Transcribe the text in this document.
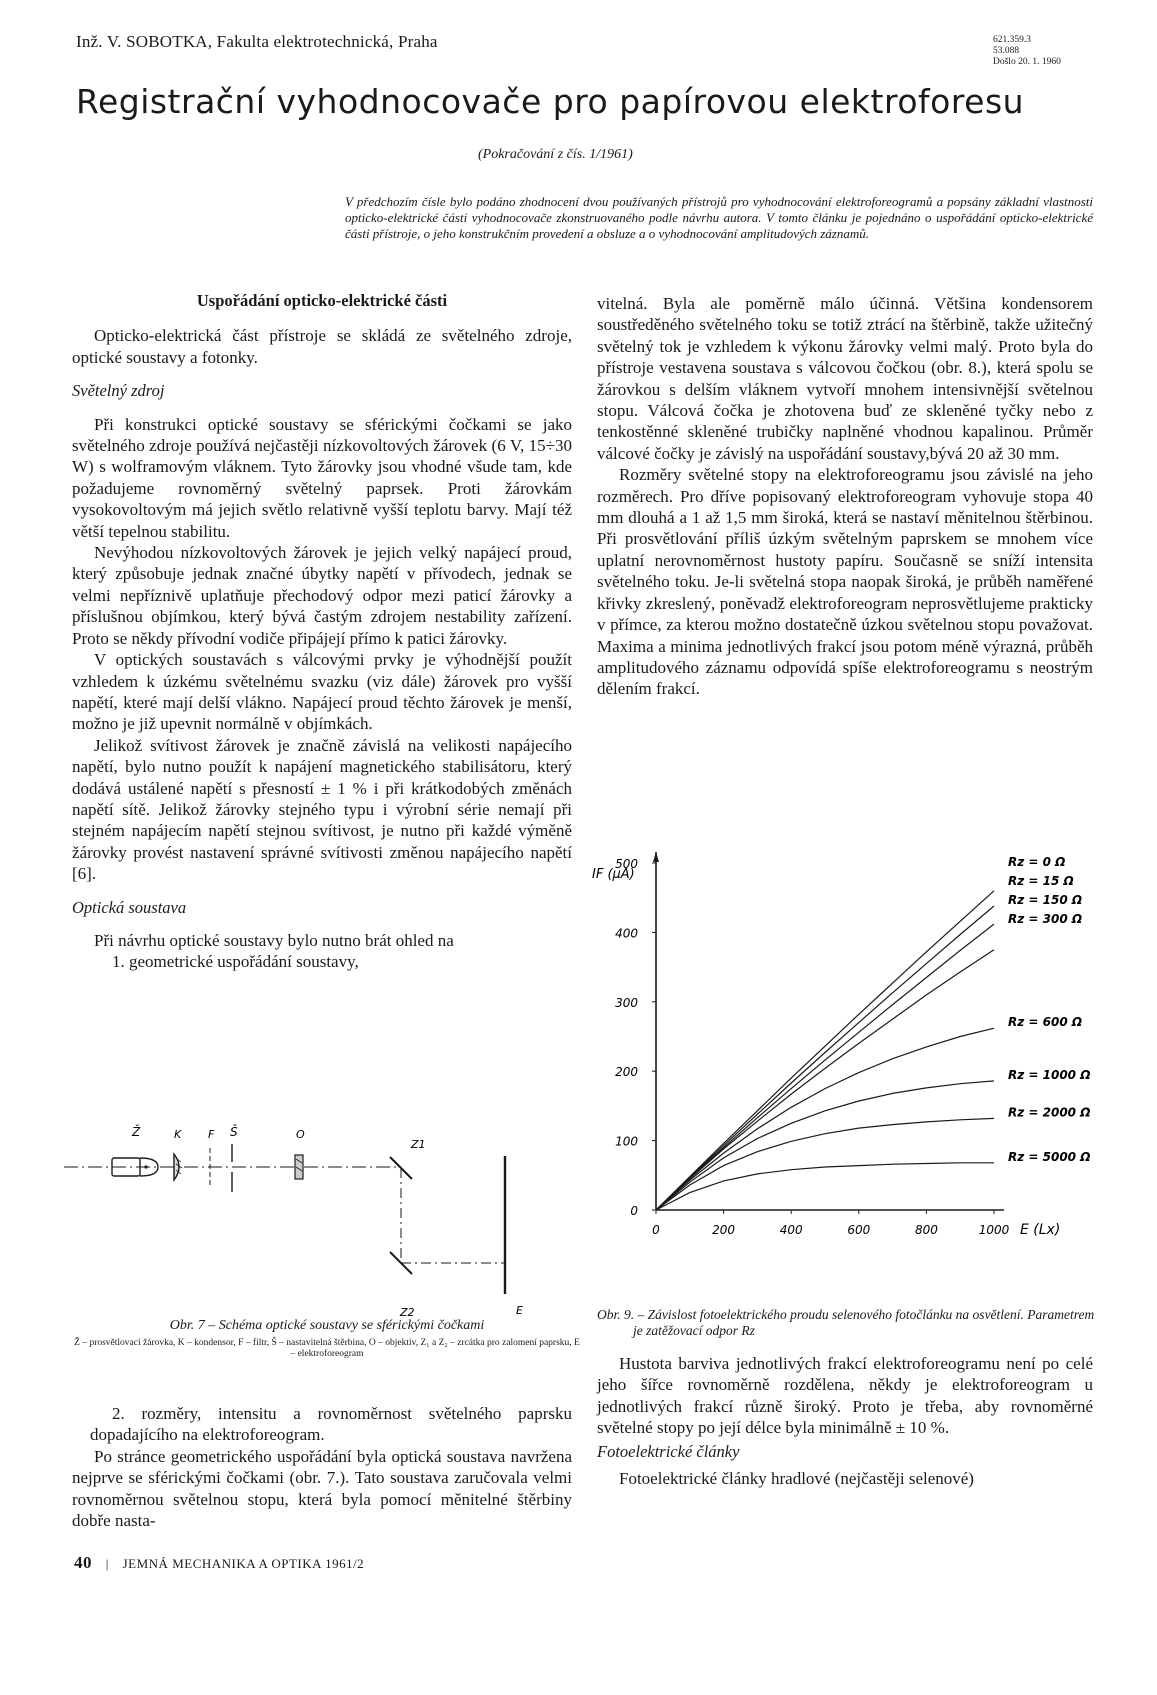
Inž. V. SOBOTKA, Fakulta elektrotechnická, Praha	621.359.3
53.088
Došlo 20. 1. 1960
Registrační vyhodnocovače pro papírovou elektroforesu
(Pokračování z čís. 1/1961)
V předchozím čísle bylo podáno zhodnocení dvou používaných přístrojů pro vyhodnocování elektroforeogramů a popsány základní vlastnosti opticko-elektrické části vyhodnocovače zkonstruovaného podle návrhu autora. V tomto článku je pojednáno o uspořádání opticko-elektrické části přístroje, o jeho konstrukčním provedení a obsluze a o vyhodnocování amplitudových záznamů.
Uspořádání opticko-elektrické části

Opticko-elektrická část přístroje se skládá ze světelného zdroje, optické soustavy a fotonky.

Světelný zdroj

Při konstrukci optické soustavy se sférickými čočkami se jako světelného zdroje používá nejčastěji nízkovoltových žárovek (6 V, 15÷30 W) s wolframovým vláknem. Tyto žárovky jsou vhodné všude tam, kde požadujeme rovnoměrný světelný paprsek. Proti žárovkám vysokovoltovým má jejich světlo relativně vyšší teplotu barvy. Mají též větší tepelnou stabilitu.

Nevýhodou nízkovoltových žárovek je jejich velký napájecí proud, který způsobuje jednak značné úbytky napětí v přívodech, jednak se velmi nepříznivě uplatňuje přechodový odpor mezi paticí žárovky a příslušnou objímkou, který bývá častým zdrojem nestability zařízení. Proto se někdy přívodní vodiče připájejí přímo k patici žárovky.

V optických soustavách s válcovými prvky je výhodnější použít vzhledem k úzkému světelnému svazku (viz dále) žárovek pro vyšší napětí, které mají delší vlákno. Napájecí proud těchto žárovek je menší, možno je již upevnit normálně v objímkách.

Jelikož svítivost žárovek je značně závislá na velikosti napájecího napětí, bylo nutno použít k napájení magnetického stabilisátoru, který dodává ustálené napětí s přesností ± 1 % i při krátkodobých změnách napětí sítě. Jelikož žárovky stejného typu i výrobní série nemají při stejném napájecím napětí stejnou svítivost, je nutno při každé výměně žárovky provést nastavení správné svítivosti změnou napájecího napětí [6].

Optická soustava

Při návrhu optické soustavy bylo nutno brát ohled na

1. geometrické uspořádání soustavy,

Ž	K F Š	O
Z1
Z2	E
Obr. 7 – Schéma optické soustavy se sférickými čočkami
Ž – prosvětlovací žárovka, K – kondensor, F – filtr, Š – nastavitelná štěrbina, O – objektiv, Z₁ a Z₂ – zrcátka pro zalomení paprsku, E – elektroforeogram

2. rozměry, intensitu a rovnoměrnost světelného paprsku dopadajícího na elektroforeogram.

Po stránce geometrického uspořádání byla optická soustava navržena nejprve se sférickými čočkami (obr. 7.). Tato soustava zaručovala velmi rovnoměrnou světelnou stopu, která byla pomocí měnitelné štěrbiny dobře nasta-

vitelná. Byla ale poměrně málo účinná. Většina kondensorem soustředěného světelného toku se totiž ztrácí na štěrbině, takže užitečný světelný tok je vzhledem k výkonu žárovky velmi malý. Proto byla do přístroje vestavena soustava s válcovou čočkou (obr. 8.), která spolu se žárovkou s delším vláknem vytvoří mnohem intensivnější světelnou stopu. Válcová čočka je zhotovena buď ze skleněné tyčky nebo z tenkostěnné skleněné trubičky naplněné vhodnou kapalinou. Průměr válcové čočky je závislý na uspořádání soustavy,bývá 20 až 30 mm.

Rozměry světelné stopy na elektroforeogramu jsou závislé na jeho rozměrech. Pro dříve popisovaný elektroforeogram vyhovuje stopa 40 mm dlouhá a 1 až 1,5 mm široká, která se nastaví měnitelnou štěrbinou. Při prosvětlování příliš úzkým světelným paprskem se mnohem více uplatní nerovnoměrnost hustoty papíru. Současně se sníží intensita světelného toku. Je-li světelná stopa naopak široká, je průběh naměřené křivky zkreslený, poněvadž elektroforeogram neprosvětlujeme prakticky v přímce, za kterou možno dostatečně úzkou světelnou stopu považovat. Maxima a minima jednotlivých frakcí jsou potom méně výrazná, průběh amplitudového záznamu odpovídá spíše elektroforeogramu s neostrým dělením frakcí.

0
100
200
300
400
500
0	200	400	600	800	1000
IF (μA)
E (Lx)
Rz = 0 Ω
Rz = 15 Ω
Rz = 150 Ω
Rz = 300 Ω
Rz = 600 Ω
Rz = 1000 Ω
Rz = 2000 Ω
Rz = 5000 Ω
Obr. 9. – Závislost fotoelektrického proudu selenového fotočlánku na osvětlení. Parametrem je zatěžovací odpor Rz

Hustota barviva jednotlivých frakcí elektroforeogramu není po celé jeho šířce rovnoměrně rozdělena, někdy je elektroforeogram u jednotlivých frakcí různě široký. Proto je třeba, aby rovnoměrné světelné stopy po její délce byla minimálně ± 10 %.

Fotoelektrické články

Fotoelektrické články hradlové (nejčastěji selenové)

40 | JEMNÁ MECHANIKA A OPTIKA 1961/2
